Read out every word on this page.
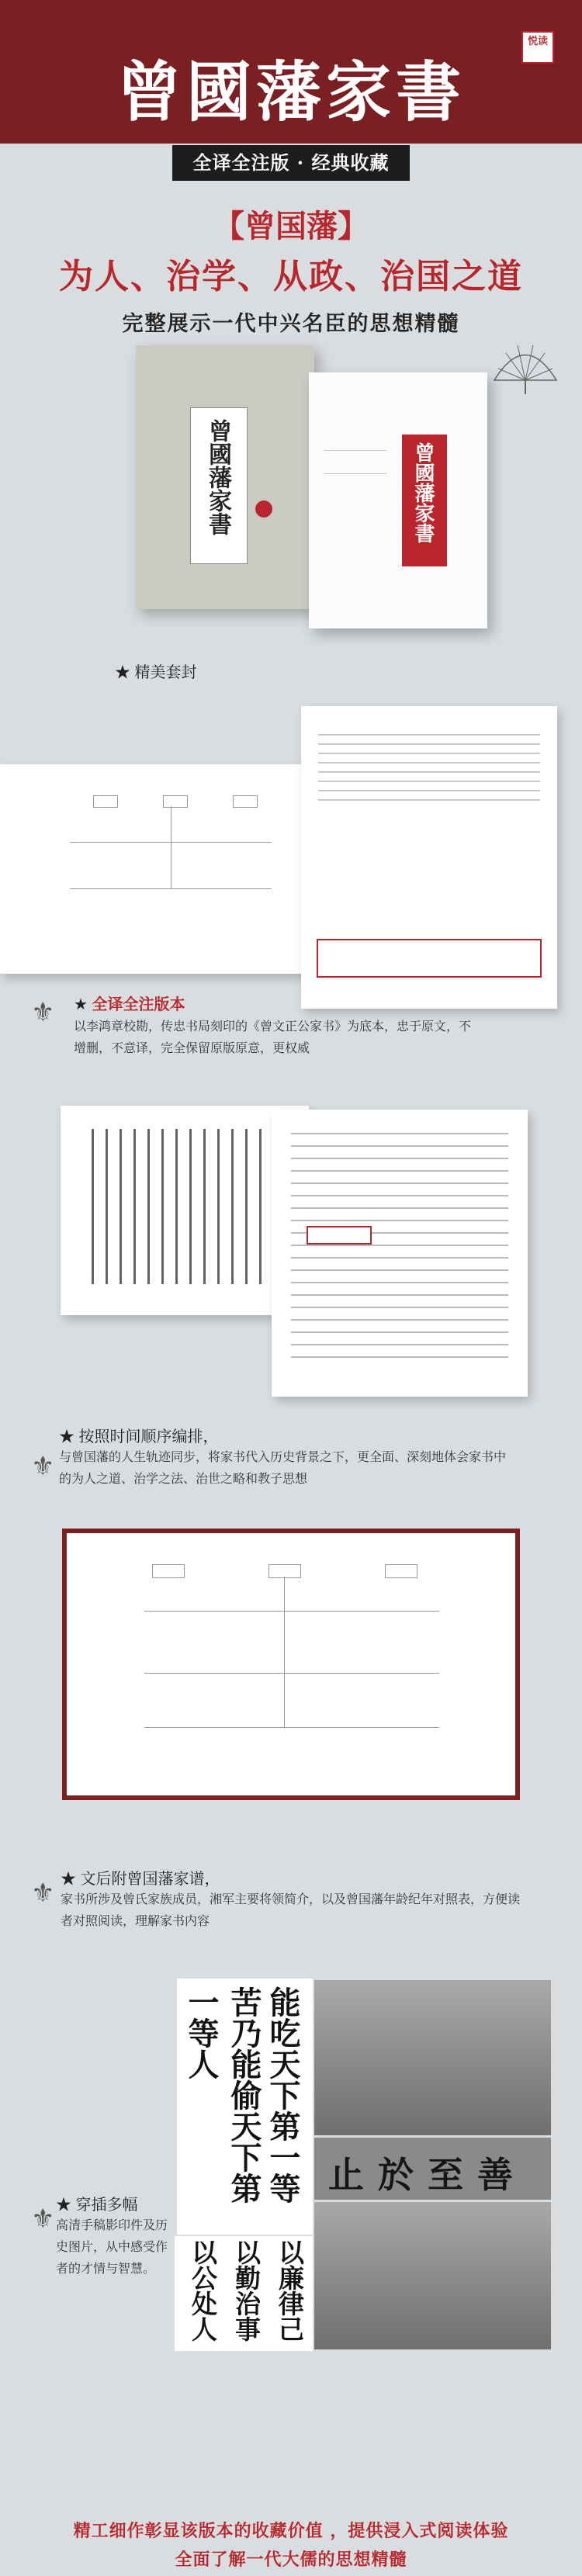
曾國藩家書
悦读
全译全注版 · 经典收藏
【曾国藩】
为人、治学、从政、治国之道
完整展示一代中兴名臣的思想精髓
曾國藩家書	曾國藩家書
★ 精美套封
⚜ ★ 全译全注版本
以李鸿章校勘，传忠书局刻印的《曾文正公家书》为底本，忠于原文，不增删，不意译，完全保留原版原意，更权威
⚜
★ 按照时间顺序编排，
与曾国藩的人生轨迹同步，将家书代入历史背景之下，更全面、深刻地体会家书中的为人之道、治学之法、治世之略和教子思想
⚜ ★ 文后附曾国藩家谱，
家书所涉及曾氏家族成员，湘军主要将领简介，以及曾国藩年龄纪年对照表，方便读者对照阅读，理解家书内容
能吃天下第一等
苦乃能偷天下第
一等人
止於至善
以廉律己
以勤治事
以公处人
⚜ ★ 穿插多幅
高清手稿影印件及历史图片，从中感受作者的才情与智慧。
精工细作彰显该版本的收藏价值 ，提供浸入式阅读体验
全面了解一代大儒的思想精髓
